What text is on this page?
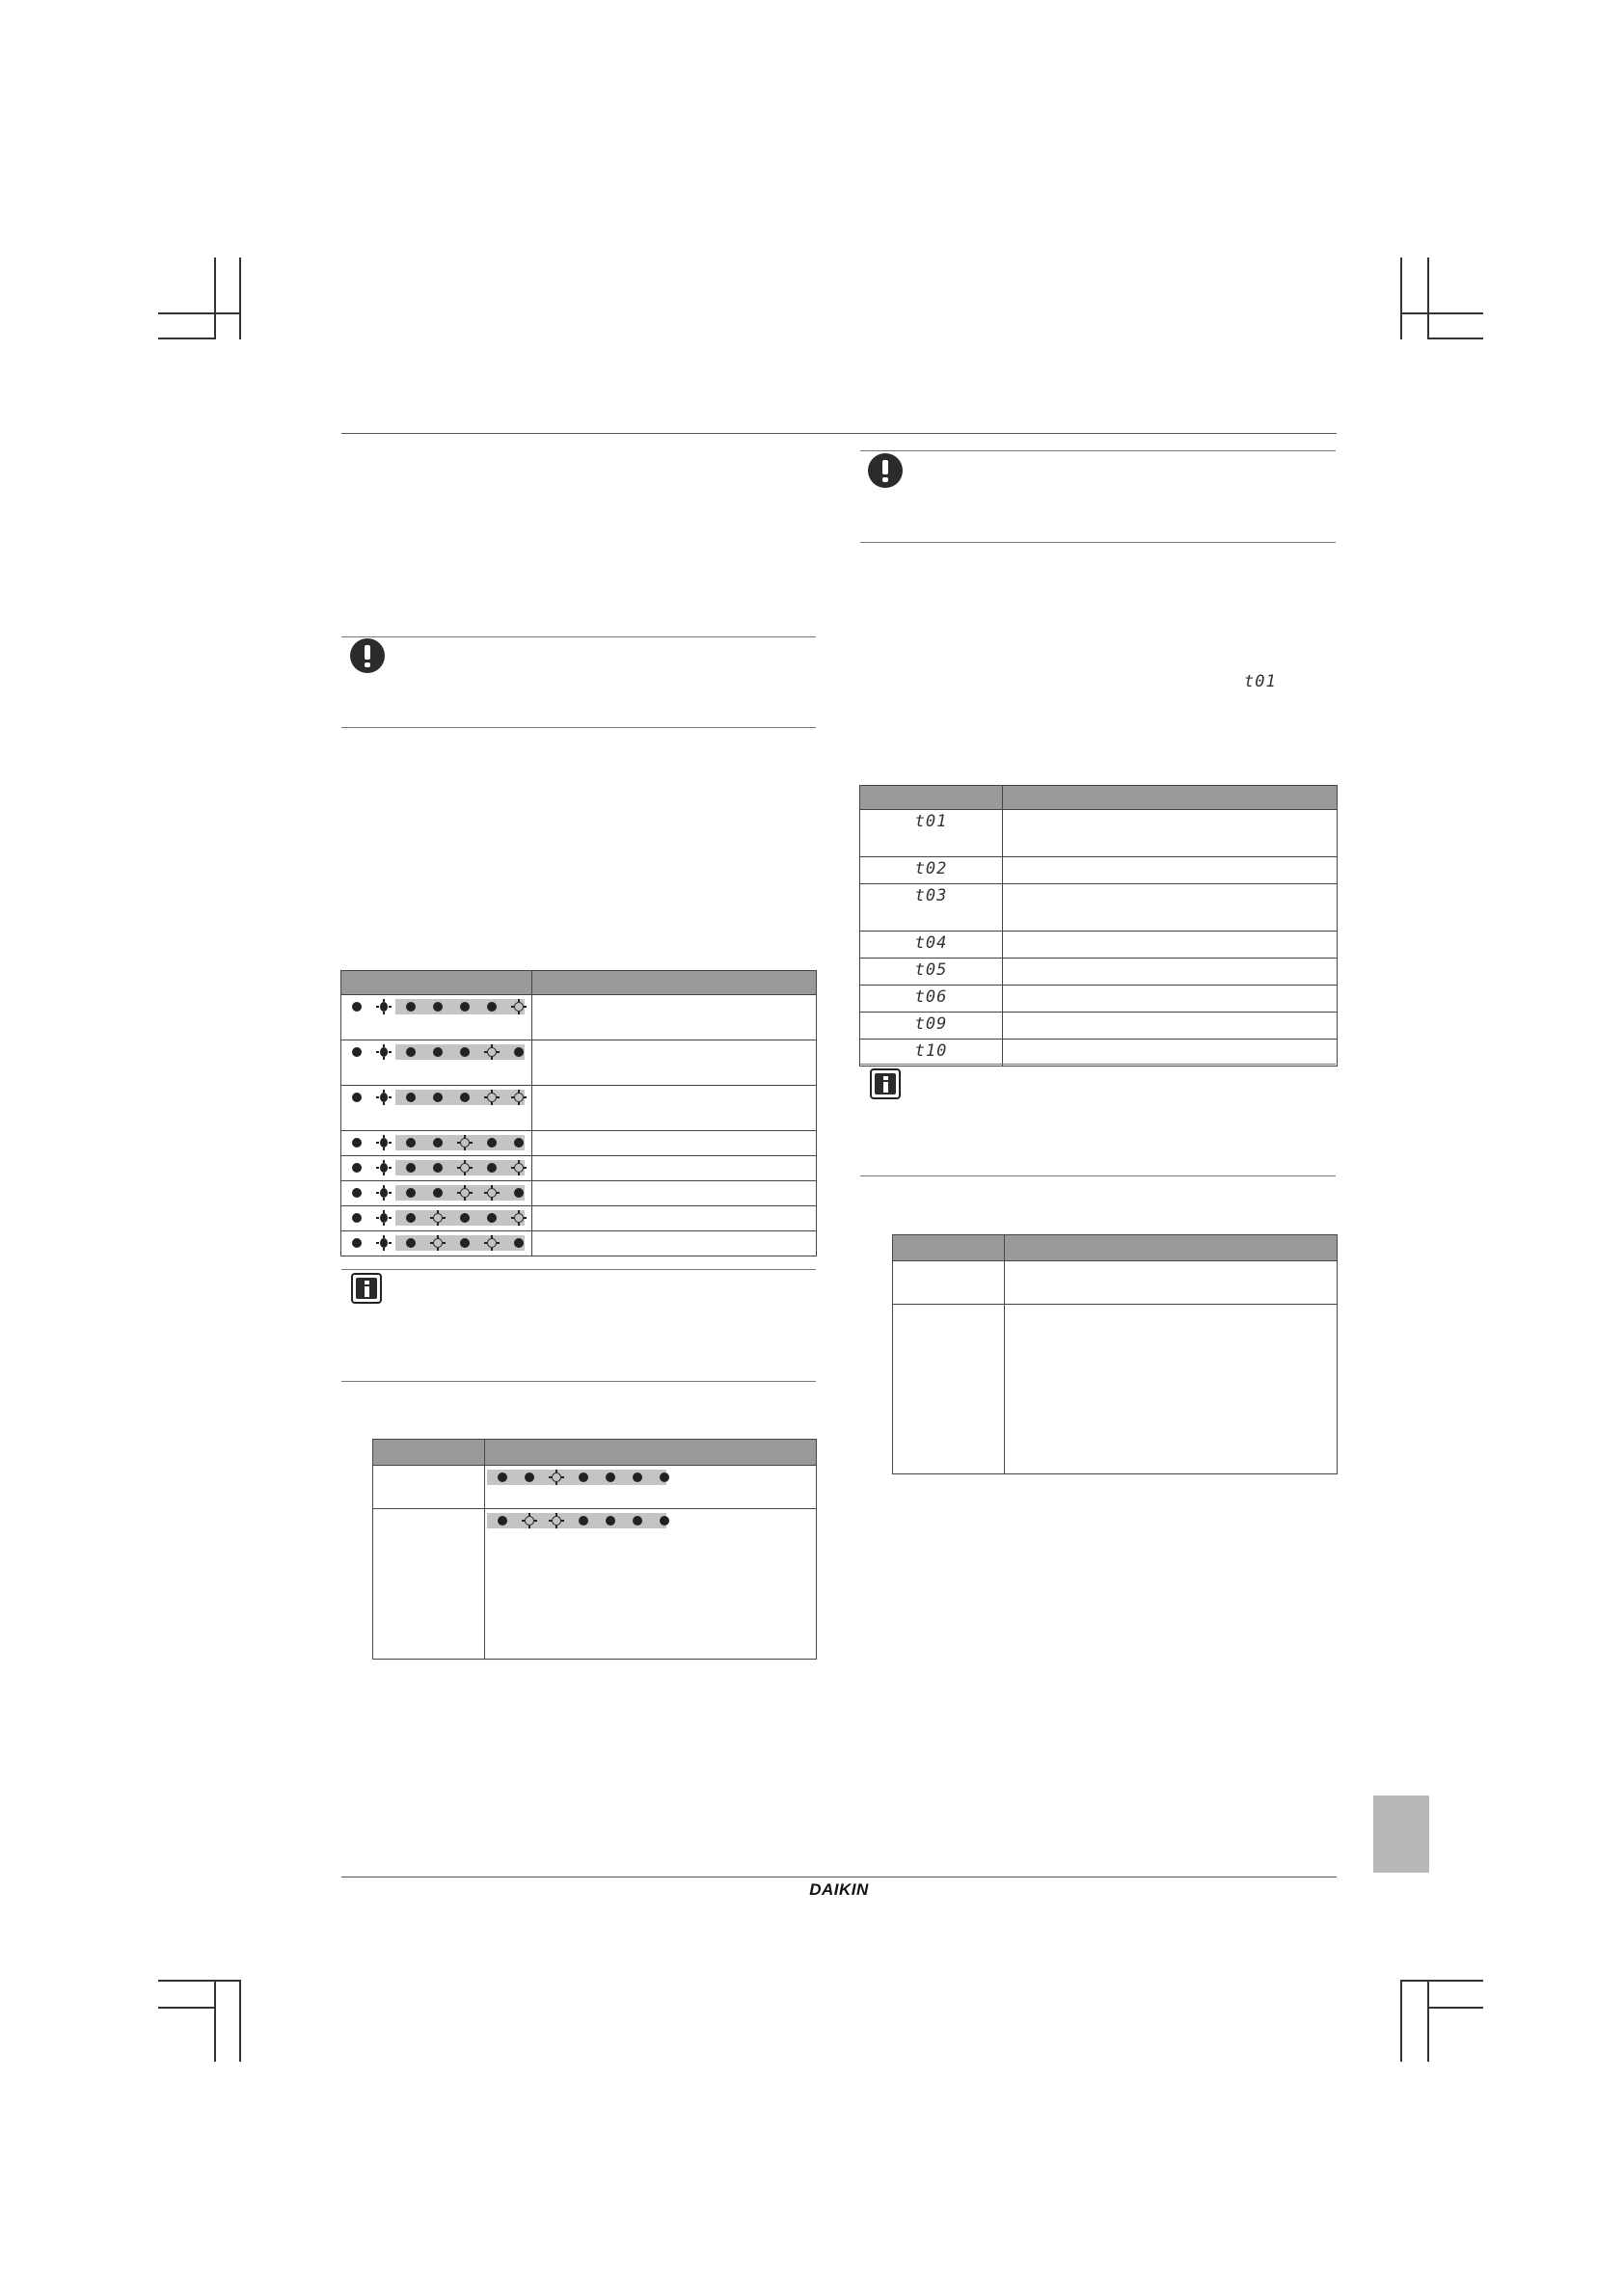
t01

t01	
t02	
t03	
t04	
t05	
t06	
t09	
t10	

DAIKIN
